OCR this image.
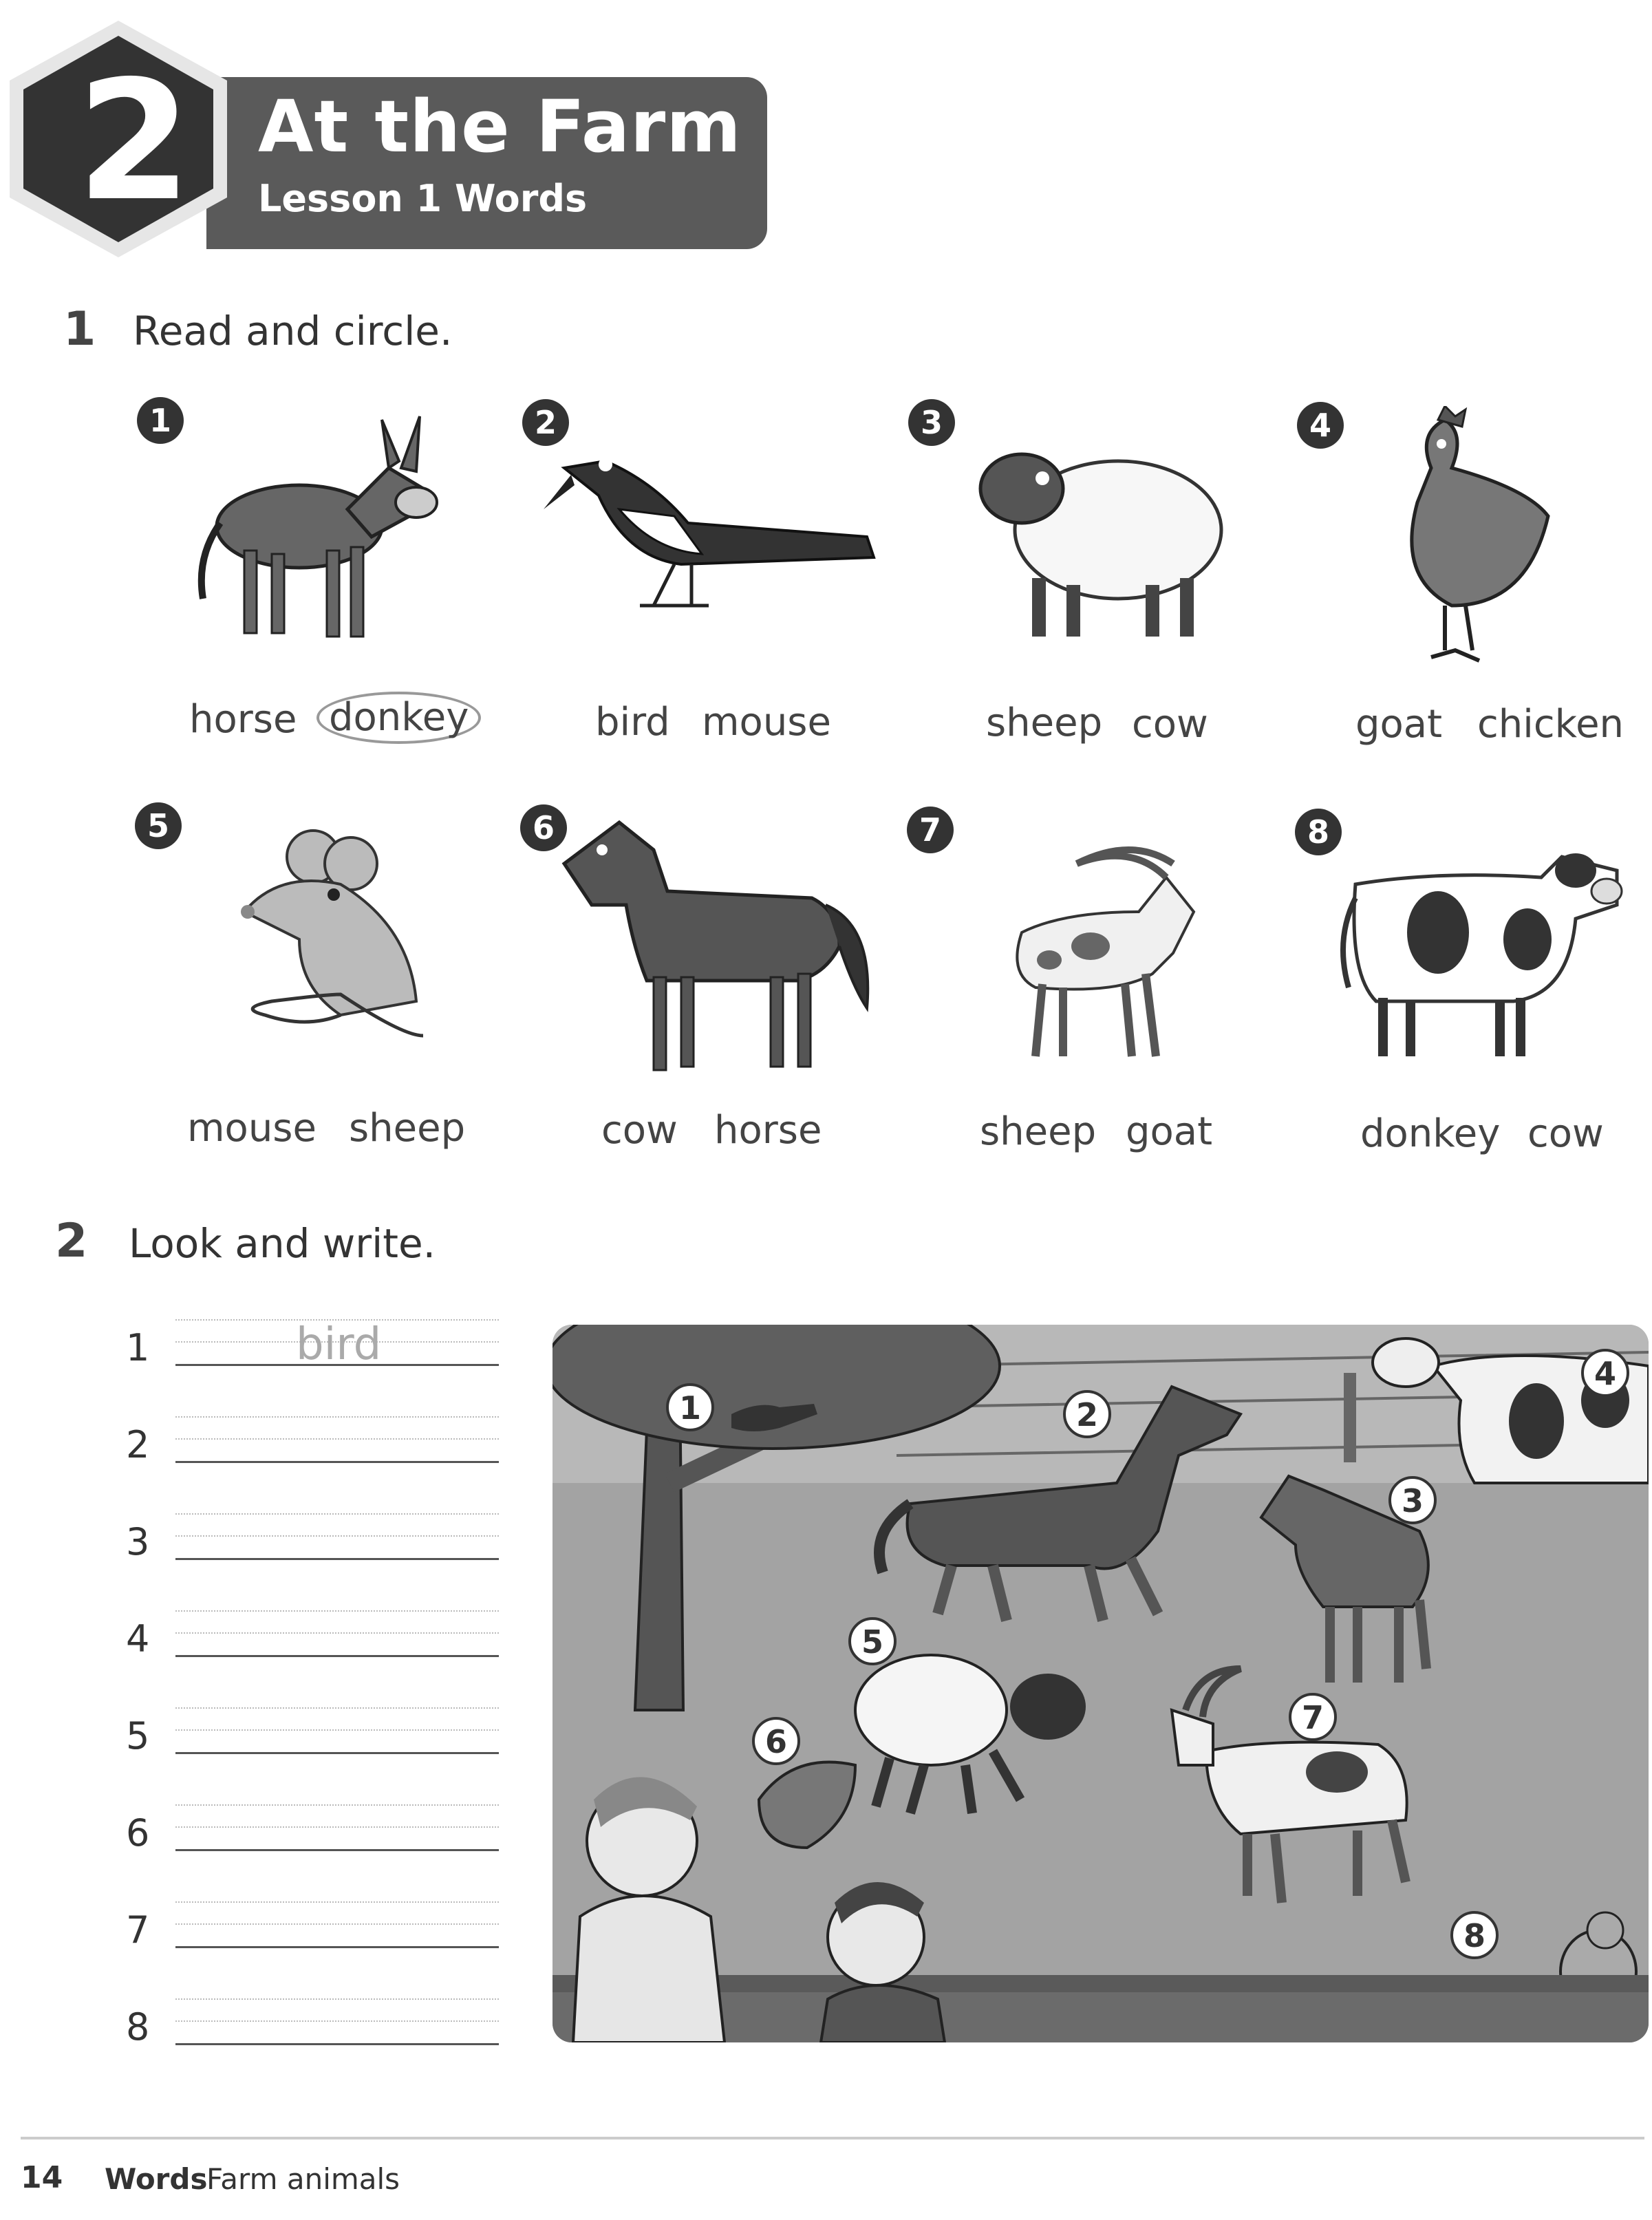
2 At the Farm
Lesson 1 Words
1 Read and circle.
1	2	3	4
5	6	7	8
horse donkey	bird mouse	sheep cow	goat chicken
mouse sheep	cow horse	sheep goat	donkey cow
2 Look and write.
1	bird
2
3
4
5
6
7
8
1	2
3
4
5
6
7
8
14 Words
Farm animals
